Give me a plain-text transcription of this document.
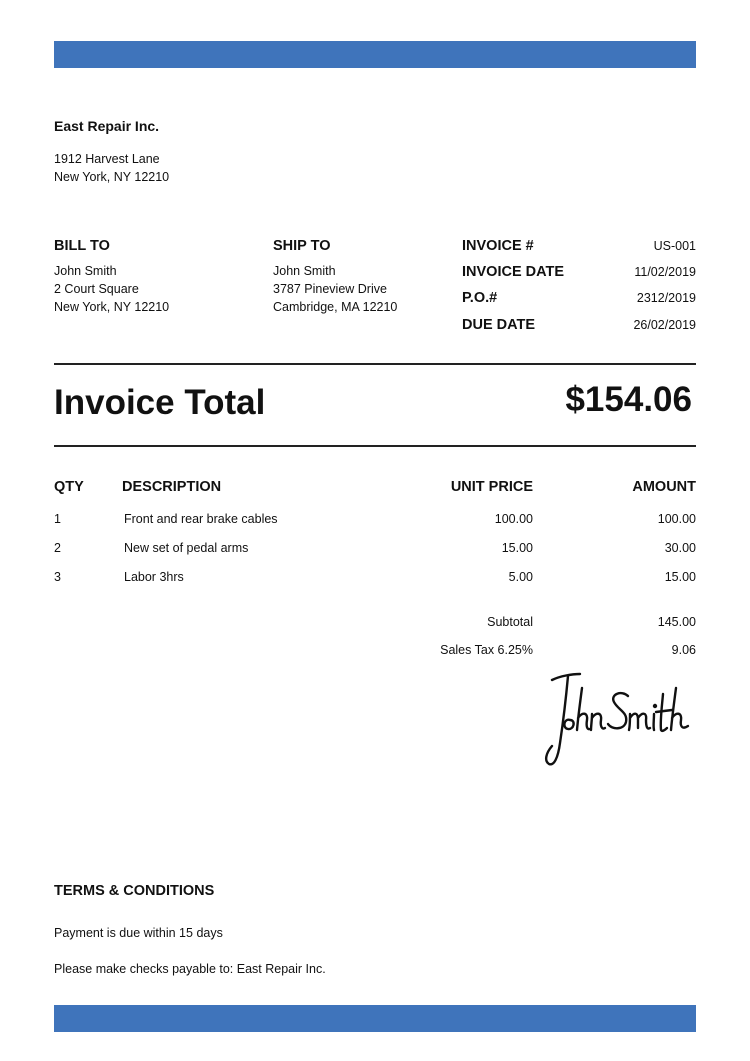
East Repair Inc.
1912 Harvest Lane
New York, NY 12210
BILL TO
John Smith
2 Court Square
New York, NY 12210
SHIP TO
John Smith
3787 Pineview Drive
Cambridge, MA 12210
INVOICE #	US-001
INVOICE DATE	11/02/2019
P.O.#	2312/2019
DUE DATE	26/02/2019
Invoice Total	$154.06
QTY	DESCRIPTION	UNIT PRICE	AMOUNT
1	Front and rear brake cables	100.00	100.00
2	New set of pedal arms	15.00	30.00
3	Labor 3hrs	5.00	15.00
Subtotal	145.00
Sales Tax 6.25%	9.06
TERMS & CONDITIONS
Payment is due within 15 days
Please make checks payable to: East Repair Inc.
